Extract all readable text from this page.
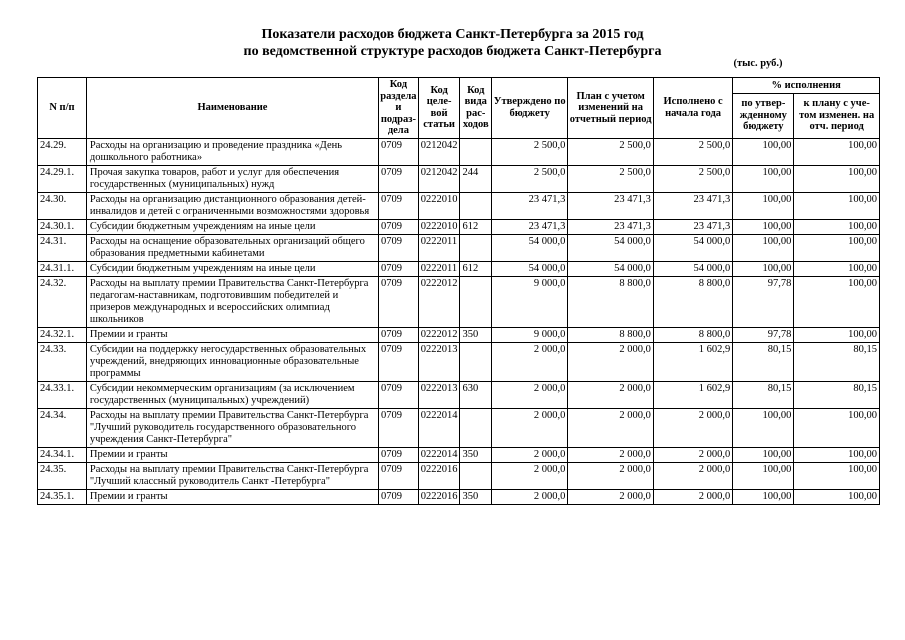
Показатели расходов бюджета Санкт-Петербурга за 2015 год
по ведомственной структуре расходов бюджета Санкт-Петербурга
(тыс. руб.)
N п/п	Наименование	Код раздела и подраз-дела	Код целе-вой статьи	Код вида рас-ходов	Утверждено по бюджету	План с учетом изменений на отчетный период	Исполнено с начала года	% исполнения	
								по утвер-жденному бюджету	к плану с уче-том изменен. на отч. период
24.29.	Расходы на организацию и проведение праздника «День дошкольного работника»	0709	0212042		2 500,0	2 500,0	2 500,0	100,00	100,00
24.29.1.	Прочая закупка товаров, работ и услуг для обеспечения государственных (муниципальных) нужд	0709	0212042	244	2 500,0	2 500,0	2 500,0	100,00	100,00
24.30.	Расходы на организацию дистанционного образования детей-инвалидов и детей с ограниченными возможностями здоровья	0709	0222010		23 471,3	23 471,3	23 471,3	100,00	100,00
24.30.1.	Субсидии бюджетным учреждениям на иные цели	0709	0222010	612	23 471,3	23 471,3	23 471,3	100,00	100,00
24.31.	Расходы на оснащение образовательных организаций общего образования предметными кабинетами	0709	0222011		54 000,0	54 000,0	54 000,0	100,00	100,00
24.31.1.	Субсидии бюджетным учреждениям на иные цели	0709	0222011	612	54 000,0	54 000,0	54 000,0	100,00	100,00
24.32.	Расходы на выплату премии Правительства Санкт-Петербурга педагогам-наставникам, подготовившим победителей и призеров международных и всероссийских олимпиад школьников	0709	0222012		9 000,0	8 800,0	8 800,0	97,78	100,00
24.32.1.	Премии и гранты	0709	0222012	350	9 000,0	8 800,0	8 800,0	97,78	100,00
24.33.	Субсидии на поддержку негосударственных образовательных учреждений, внедряющих инновационные образовательные программы	0709	0222013		2 000,0	2 000,0	1 602,9	80,15	80,15
24.33.1.	Субсидии некоммерческим организациям (за исключением государственных (муниципальных) учреждений)	0709	0222013	630	2 000,0	2 000,0	1 602,9	80,15	80,15
24.34.	Расходы на выплату премии Правительства Санкт-Петербурга "Лучший руководитель государственного образовательного учреждения Санкт-Петербурга"	0709	0222014		2 000,0	2 000,0	2 000,0	100,00	100,00
24.34.1.	Премии и гранты	0709	0222014	350	2 000,0	2 000,0	2 000,0	100,00	100,00
24.35.	Расходы на выплату премии Правительства Санкт-Петербурга "Лучший классный руководитель Санкт -Петербурга"	0709	0222016		2 000,0	2 000,0	2 000,0	100,00	100,00
24.35.1.	Премии и гранты	0709	0222016	350	2 000,0	2 000,0	2 000,0	100,00	100,00
